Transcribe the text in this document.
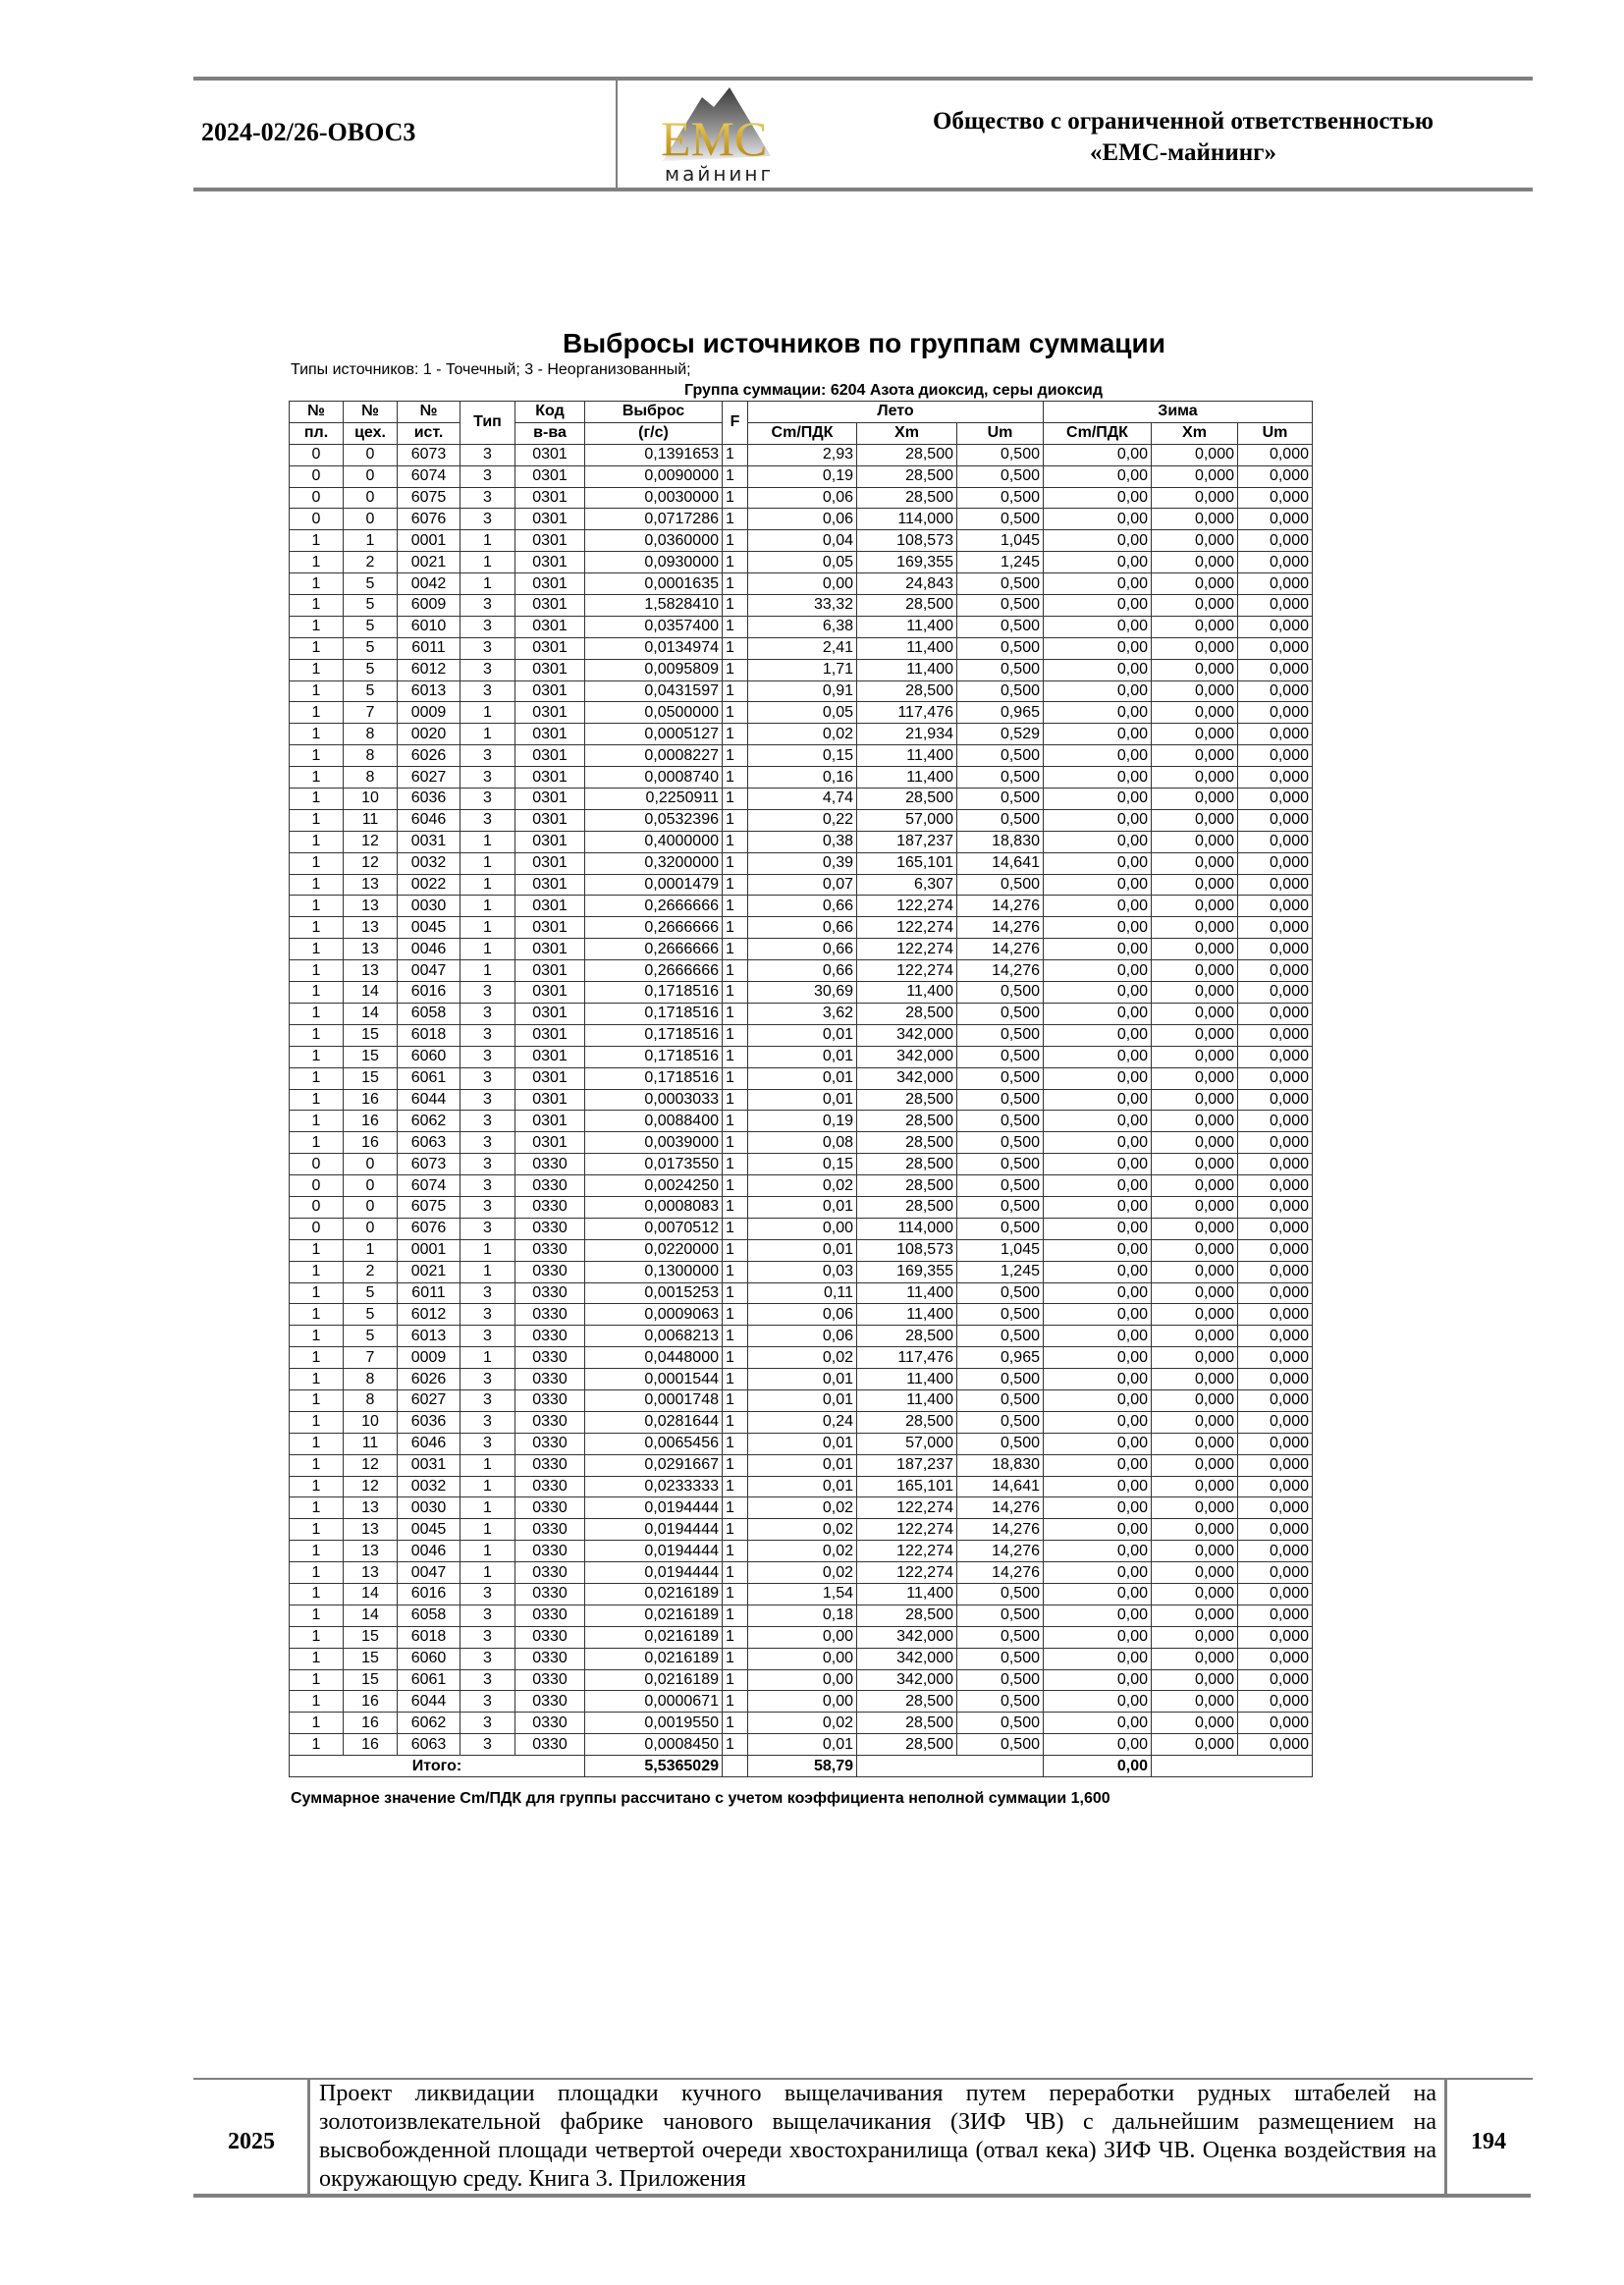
2024-02/26-ОВОС3	EMC
майнинг
Общество с ограниченной ответственностью
«ЕМС-майнинг»
Выбросы источников по группам суммации
Типы источников: 1 - Точечный; 3 - Неорганизованный;
Группа суммации: 6204 Азота диоксид, серы диоксид
№	№	№	Тип	Код	Выброс	F	Лето			Зима		
пл.	цех.	ист.		в-ва	(г/с)		Cm/ПДК	Xm	Um	Cm/ПДК	Xm	Um
0	0	6073	3	0301	0,1391653	1	2,93	28,500	0,500	0,00	0,000	0,000
0	0	6074	3	0301	0,0090000	1	0,19	28,500	0,500	0,00	0,000	0,000
0	0	6075	3	0301	0,0030000	1	0,06	28,500	0,500	0,00	0,000	0,000
0	0	6076	3	0301	0,0717286	1	0,06	114,000	0,500	0,00	0,000	0,000
1	1	0001	1	0301	0,0360000	1	0,04	108,573	1,045	0,00	0,000	0,000
1	2	0021	1	0301	0,0930000	1	0,05	169,355	1,245	0,00	0,000	0,000
1	5	0042	1	0301	0,0001635	1	0,00	24,843	0,500	0,00	0,000	0,000
1	5	6009	3	0301	1,5828410	1	33,32	28,500	0,500	0,00	0,000	0,000
1	5	6010	3	0301	0,0357400	1	6,38	11,400	0,500	0,00	0,000	0,000
1	5	6011	3	0301	0,0134974	1	2,41	11,400	0,500	0,00	0,000	0,000
1	5	6012	3	0301	0,0095809	1	1,71	11,400	0,500	0,00	0,000	0,000
1	5	6013	3	0301	0,0431597	1	0,91	28,500	0,500	0,00	0,000	0,000
1	7	0009	1	0301	0,0500000	1	0,05	117,476	0,965	0,00	0,000	0,000
1	8	0020	1	0301	0,0005127	1	0,02	21,934	0,529	0,00	0,000	0,000
1	8	6026	3	0301	0,0008227	1	0,15	11,400	0,500	0,00	0,000	0,000
1	8	6027	3	0301	0,0008740	1	0,16	11,400	0,500	0,00	0,000	0,000
1	10	6036	3	0301	0,2250911	1	4,74	28,500	0,500	0,00	0,000	0,000
1	11	6046	3	0301	0,0532396	1	0,22	57,000	0,500	0,00	0,000	0,000
1	12	0031	1	0301	0,4000000	1	0,38	187,237	18,830	0,00	0,000	0,000
1	12	0032	1	0301	0,3200000	1	0,39	165,101	14,641	0,00	0,000	0,000
1	13	0022	1	0301	0,0001479	1	0,07	6,307	0,500	0,00	0,000	0,000
1	13	0030	1	0301	0,2666666	1	0,66	122,274	14,276	0,00	0,000	0,000
1	13	0045	1	0301	0,2666666	1	0,66	122,274	14,276	0,00	0,000	0,000
1	13	0046	1	0301	0,2666666	1	0,66	122,274	14,276	0,00	0,000	0,000
1	13	0047	1	0301	0,2666666	1	0,66	122,274	14,276	0,00	0,000	0,000
1	14	6016	3	0301	0,1718516	1	30,69	11,400	0,500	0,00	0,000	0,000
1	14	6058	3	0301	0,1718516	1	3,62	28,500	0,500	0,00	0,000	0,000
1	15	6018	3	0301	0,1718516	1	0,01	342,000	0,500	0,00	0,000	0,000
1	15	6060	3	0301	0,1718516	1	0,01	342,000	0,500	0,00	0,000	0,000
1	15	6061	3	0301	0,1718516	1	0,01	342,000	0,500	0,00	0,000	0,000
1	16	6044	3	0301	0,0003033	1	0,01	28,500	0,500	0,00	0,000	0,000
1	16	6062	3	0301	0,0088400	1	0,19	28,500	0,500	0,00	0,000	0,000
1	16	6063	3	0301	0,0039000	1	0,08	28,500	0,500	0,00	0,000	0,000
0	0	6073	3	0330	0,0173550	1	0,15	28,500	0,500	0,00	0,000	0,000
0	0	6074	3	0330	0,0024250	1	0,02	28,500	0,500	0,00	0,000	0,000
0	0	6075	3	0330	0,0008083	1	0,01	28,500	0,500	0,00	0,000	0,000
0	0	6076	3	0330	0,0070512	1	0,00	114,000	0,500	0,00	0,000	0,000
1	1	0001	1	0330	0,0220000	1	0,01	108,573	1,045	0,00	0,000	0,000
1	2	0021	1	0330	0,1300000	1	0,03	169,355	1,245	0,00	0,000	0,000
1	5	6011	3	0330	0,0015253	1	0,11	11,400	0,500	0,00	0,000	0,000
1	5	6012	3	0330	0,0009063	1	0,06	11,400	0,500	0,00	0,000	0,000
1	5	6013	3	0330	0,0068213	1	0,06	28,500	0,500	0,00	0,000	0,000
1	7	0009	1	0330	0,0448000	1	0,02	117,476	0,965	0,00	0,000	0,000
1	8	6026	3	0330	0,0001544	1	0,01	11,400	0,500	0,00	0,000	0,000
1	8	6027	3	0330	0,0001748	1	0,01	11,400	0,500	0,00	0,000	0,000
1	10	6036	3	0330	0,0281644	1	0,24	28,500	0,500	0,00	0,000	0,000
1	11	6046	3	0330	0,0065456	1	0,01	57,000	0,500	0,00	0,000	0,000
1	12	0031	1	0330	0,0291667	1	0,01	187,237	18,830	0,00	0,000	0,000
1	12	0032	1	0330	0,0233333	1	0,01	165,101	14,641	0,00	0,000	0,000
1	13	0030	1	0330	0,0194444	1	0,02	122,274	14,276	0,00	0,000	0,000
1	13	0045	1	0330	0,0194444	1	0,02	122,274	14,276	0,00	0,000	0,000
1	13	0046	1	0330	0,0194444	1	0,02	122,274	14,276	0,00	0,000	0,000
1	13	0047	1	0330	0,0194444	1	0,02	122,274	14,276	0,00	0,000	0,000
1	14	6016	3	0330	0,0216189	1	1,54	11,400	0,500	0,00	0,000	0,000
1	14	6058	3	0330	0,0216189	1	0,18	28,500	0,500	0,00	0,000	0,000
1	15	6018	3	0330	0,0216189	1	0,00	342,000	0,500	0,00	0,000	0,000
1	15	6060	3	0330	0,0216189	1	0,00	342,000	0,500	0,00	0,000	0,000
1	15	6061	3	0330	0,0216189	1	0,00	342,000	0,500	0,00	0,000	0,000
1	16	6044	3	0330	0,0000671	1	0,00	28,500	0,500	0,00	0,000	0,000
1	16	6062	3	0330	0,0019550	1	0,02	28,500	0,500	0,00	0,000	0,000
1	16	6063	3	0330	0,0008450	1	0,01	28,500	0,500	0,00	0,000	0,000
Итого:					5,5365029		58,79			0,00		
Суммарное значение Cm/ПДК для группы рассчитано с учетом коэффициента неполной суммации 1,600
2025
Проект ликвидации площадки кучного выщелачивания путем переработки рудных штабелей на золотоизвлекательной фабрике чанового выщелачикания (ЗИФ ЧВ) с дальнейшим размещением на высвобожденной площади четвертой очереди хвостохранилища (отвал кека) ЗИФ ЧВ. Оценка воздействия на окружающую среду. Книга 3. Приложения
194
